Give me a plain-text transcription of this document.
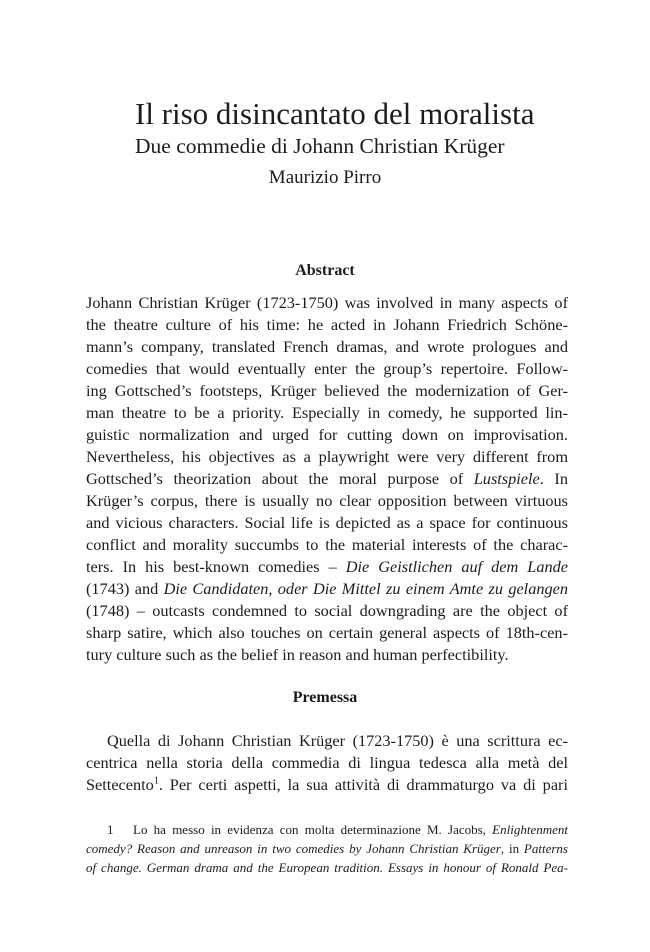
Il riso disincantato del moralista
Due commedie di Johann Christian Krüger
Maurizio Pirro
Abstract
Johann Christian Krüger (1723-1750) was involved in many aspects of
the theatre culture of his time: he acted in Johann Friedrich Schöne-
mann’s company, translated French dramas, and wrote prologues and
comedies that would eventually enter the group’s repertoire. Follow-
ing Gottsched’s footsteps, Krüger believed the modernization of Ger-
man theatre to be a priority. Especially in comedy, he supported lin-
guistic normalization and urged for cutting down on improvisation.
Nevertheless, his objectives as a playwright were very different from
Gottsched’s theorization about the moral purpose of Lustspiele. In
Krüger’s corpus, there is usually no clear opposition between virtuous
and vicious characters. Social life is depicted as a space for continuous
conflict and morality succumbs to the material interests of the charac-
ters. In his best-known comedies – Die Geistlichen auf dem Lande
(1743) and Die Candidaten, oder Die Mittel zu einem Amte zu gelangen
(1748) – outcasts condemned to social downgrading are the object of
sharp satire, which also touches on certain general aspects of 18th-cen-
tury culture such as the belief in reason and human perfectibility.
Premessa
Quella di Johann Christian Krüger (1723-1750) è una scrittura ec-
centrica nella storia della commedia di lingua tedesca alla metà del
Settecento$^1$. Per certi aspetti, la sua attività di drammaturgo va di pari
1 Lo ha messo in evidenza con molta determinazione M. Jacobs, Enlightenment
comedy? Reason and unreason in two comedies by Johann Christian Krüger, in Patterns
of change. German drama and the European tradition. Essays in honour of Ronald Pea-
